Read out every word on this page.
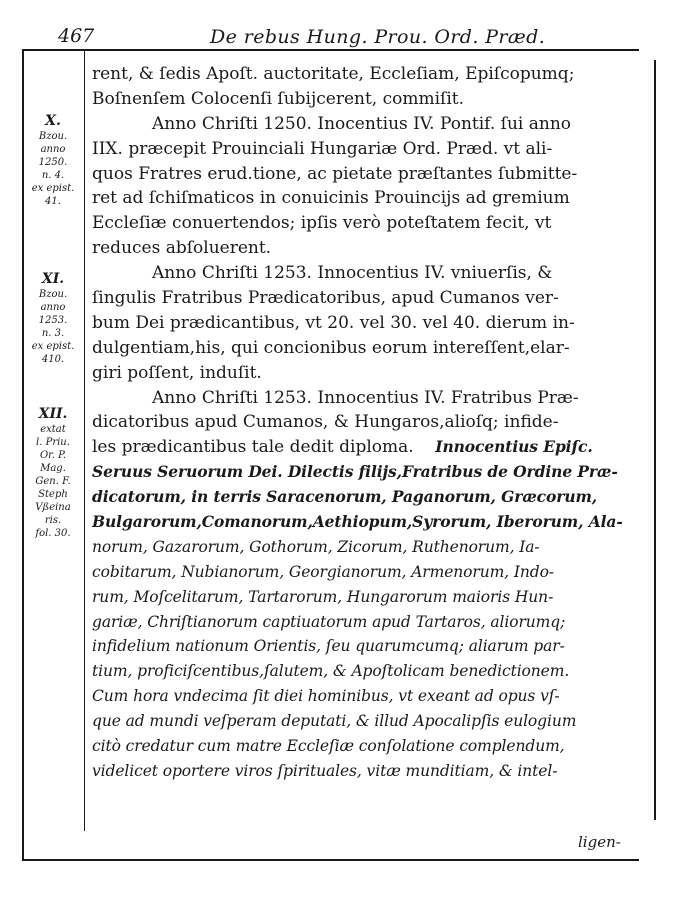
467	De rebus Hung. Prou. Ord. Præd.
X.
Bzou.
anno
1250.
n. 4.
ex epist.
41.
XI.
Bzou.
anno
1253.
n. 3.
ex epist.
410.
XII.
extat
l. Priu.
Or. P.
Mag.
Gen. F.
Steph
Vßeina
ris.
fol. 30.
rent, & ſedis Apoſt. auctoritate, Eccleſiam, Epiſcopumq;
Boſnenſem Colocenſi ſubijcerent, commiſit.
Anno Chriſti 1250. Inocentius IV. Pontif. ſui anno
IIX. præcepit Prouinciali Hungariæ Ord. Præd. vt ali-
quos Fratres erud.tione, ac pietate præſtantes ſubmitte-
ret ad ſchiſmaticos in conuicinis Prouincijs ad gremium
Eccleſiæ conuertendos; ipſis verò poteſtatem fecit, vt
reduces abſoluerent.
Anno Chriſti 1253. Innocentius IV. vniuerſis, &
ſingulis Fratribus Prædicatoribus, apud Cumanos ver-
bum Dei prædicantibus, vt 20. vel 30. vel 40. dierum in-
dulgentiam,his, qui concionibus eorum intereſſent,elar-
giri poſſent, induſit.
Anno Chriſti 1253. Innocentius IV. Fratribus Præ-
dicatoribus apud Cumanos, & Hungaros,alioſq; infide-
les prædicantibus tale dedit diploma. Innocentius Epiſc.
Seruus Seruorum Dei. Dilectis filijs,Fratribus de Ordine Præ-
dicatorum, in terris Saracenorum, Paganorum, Græcorum,
Bulgarorum,Comanorum,Aethiopum,Syrorum, Iberorum, Ala-
norum, Gazarorum, Gothorum, Zicorum, Ruthenorum, Ia-
cobitarum, Nubianorum, Georgianorum, Armenorum, Indo-
rum, Moſcelitarum, Tartarorum, Hungarorum maioris Hun-
gariæ, Chriſtianorum captiuatorum apud Tartaros, aliorumq;
infidelium nationum Orientis, ſeu quarumcumq; aliarum par-
tium, proficiſcentibus,ſalutem, & Apoſtolicam benedictionem.
Cum hora vndecima ſit diei hominibus, vt exeant ad opus vſ-
que ad mundi veſperam deputati, & illud Apocalipſis eulogium
citò credatur cum matre Eccleſiæ conſolatione complendum,
videlicet oportere viros ſpirituales, vitæ munditiam, & intel-
ligen-
